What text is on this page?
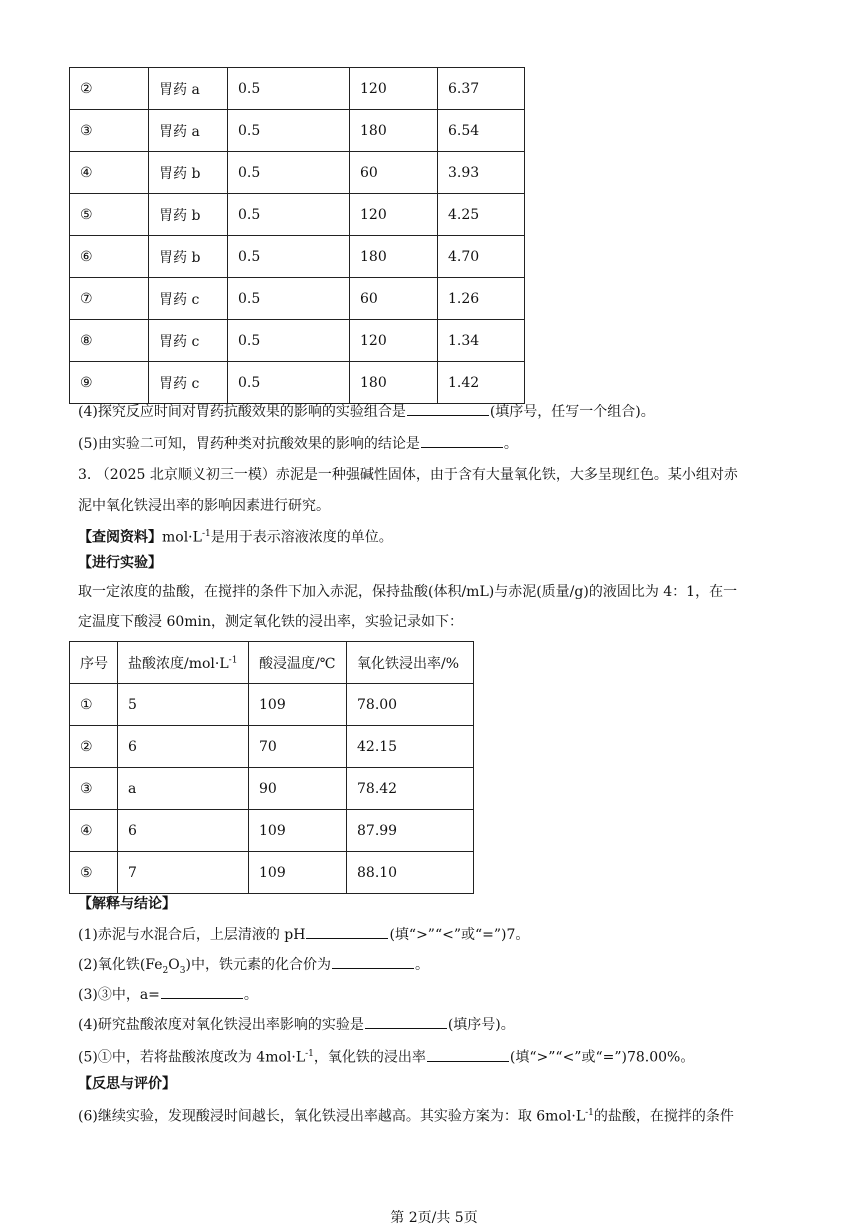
②	胃药 a	0.5	120	6.37
③	胃药 a	0.5	180	6.54
④	胃药 b	0.5	60	3.93
⑤	胃药 b	0.5	120	4.25
⑥	胃药 b	0.5	180	4.70
⑦	胃药 c	0.5	60	1.26
⑧	胃药 c	0.5	120	1.34
⑨	胃药 c	0.5	180	1.42
(4)探究反应时间对胃药抗酸效果的影响的实验组合是	(填序号，任写一个组合)。
(5)由实验二可知，胃药种类对抗酸效果的影响的结论是	。
3. （2025 北京顺义初三一模）赤泥是一种强碱性固体，由于含有大量氧化铁，大多呈现红色。某小组对赤
泥中氧化铁浸出率的影响因素进行研究。
【查阅资料】$mol\cdot L^{-1}$是用于表示溶液浓度的单位。
【进行实验】
取一定浓度的盐酸，在搅拌的条件下加入赤泥，保持盐酸(体积/mL)与赤泥(质量/g)的液固比为 4：1，在一
定温度下酸浸 60min，测定氧化铁的浸出率，实验记录如下：
序号	盐酸浓度$/mol\cdot L^{-1}$	酸浸温度/℃	氧化铁浸出率/%
①	5	109	78.00
②	6	70	42.15
③	a	90	78.42
④	6	109	87.99
⑤	7	109	88.10
【解释与结论】
(1)赤泥与水混合后，上层清液的 pH	(填“>”“<”或“=”)7。
(2)氧化铁$(Fe_2O_3)$中，铁元素的化合价为	。
(3)③中，a=	。
(4)研究盐酸浓度对氧化铁浸出率影响的实验是	(填序号)。
(5)①中，若将盐酸浓度改为 $4mol\cdot L^{-1}$，氧化铁的浸出率	(填“>”“<”或“=”)78.00%。
【反思与评价】
(6)继续实验，发现酸浸时间越长，氧化铁浸出率越高。其实验方案为：取 $6mol\cdot L^{-1}$的盐酸，在搅拌的条件
第 2页/共 5页
